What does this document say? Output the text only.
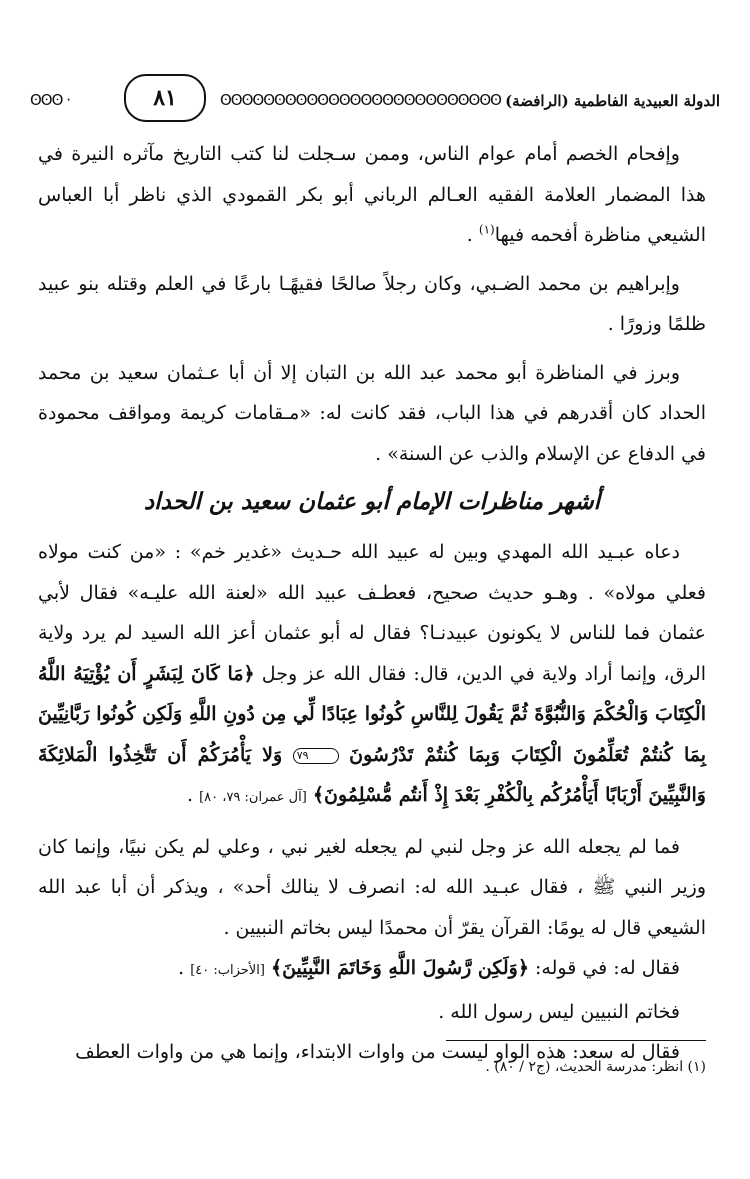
الدولة العبيدية الفاطمية (الرافضة)
ʘʘʘʘʘʘʘʘʘʘʘʘʘʘʘʘʘʘʘʘʘʘʘʘʘʘ
٨١
ʘʘʘ ·

وإفحام الخصم أمام عوام الناس، وممن سـجلت لنا كتب التاريخ مآثره النيرة في هذا المضمار العلامة الفقيه العـالم الرباني أبو بكر القمودي الذي ناظر أبا العباس الشيعي مناظرة أفحمه فيها$^{(١)}$ .

وإبراهيم بن محمد الضـبي، وكان رجلاً صالحًا فقيهًـا بارعًا في العلم وقتله بنو عبيد ظلمًا وزورًا .

وبرز في المناظرة أبو محمد عبد الله بن التبان إلا أن أبا عـثمان سعيد بن محمد الحداد كان أقدرهم في هذا الباب، فقد كانت له: «مـقامات كريمة ومواقف محمودة في الدفاع عن الإسلام والذب عن السنة» .

أشهر مناظرات الإمام أبو عثمان سعيد بن الحداد

دعاه عبـيد الله المهدي وبين له عبيد الله حـديث «غدير خم» : «من كنت مولاه فعلي مولاه» . وهـو حديث صحيح، فعطـف عبيد الله «لعنة الله عليـه» فقال لأبي عثمان فما للناس لا يكونون عبيدنـا؟ فقال له أبو عثمان أعز الله السيد لم يرد ولاية الرق، وإنما أراد ولاية في الدين، قال: فقال الله عز وجل ﴿مَا كَانَ لِبَشَرٍ أَن يُؤْتِيَهُ اللَّهُ الْكِتَابَ وَالْحُكْمَ وَالنُّبُوَّةَ ثُمَّ يَقُولَ لِلنَّاسِ كُونُوا عِبَادًا لِّي مِن دُونِ اللَّهِ وَلَكِن كُونُوا رَبَّانِيِّينَ بِمَا كُنتُمْ تُعَلِّمُونَ الْكِتَابَ وَبِمَا كُنتُمْ تَدْرُسُونَ ٧٩ وَلا يَأْمُرَكُمْ أَن تَتَّخِذُوا الْمَلائِكَةَ وَالنَّبِيِّينَ أَرْبَابًا أَيَأْمُرُكُم بِالْكُفْرِ بَعْدَ إِذْ أَنتُم مُّسْلِمُونَ﴾ [آل عمران: ٧٩، ٨٠] .

فما لم يجعله الله عز وجل لنبي لم يجعله لغير نبي ، وعلي لم يكن نبيًا، وإنما كان وزير النبي ﷺ ، فقال عبـيد الله له: انصرف لا ينالك أحد» ، ويذكر أن أبا عبد الله الشيعي قال له يومًا: القرآن يقرّ أن محمدًا ليس بخاتم النبيين .

فقال له: في قوله: ﴿وَلَكِن رَّسُولَ اللَّهِ وَخَاتَمَ النَّبِيِّينَ﴾ [الأحزاب: ٤٠] .

فخاتم النبيين ليس رسول الله .

فقال له سعد: هذه الواو ليست من واوات الابتداء، وإنما هي من واوات العطف

(١) انظر: مدرسة الحديث، (ج٢ / ٨٠) .
